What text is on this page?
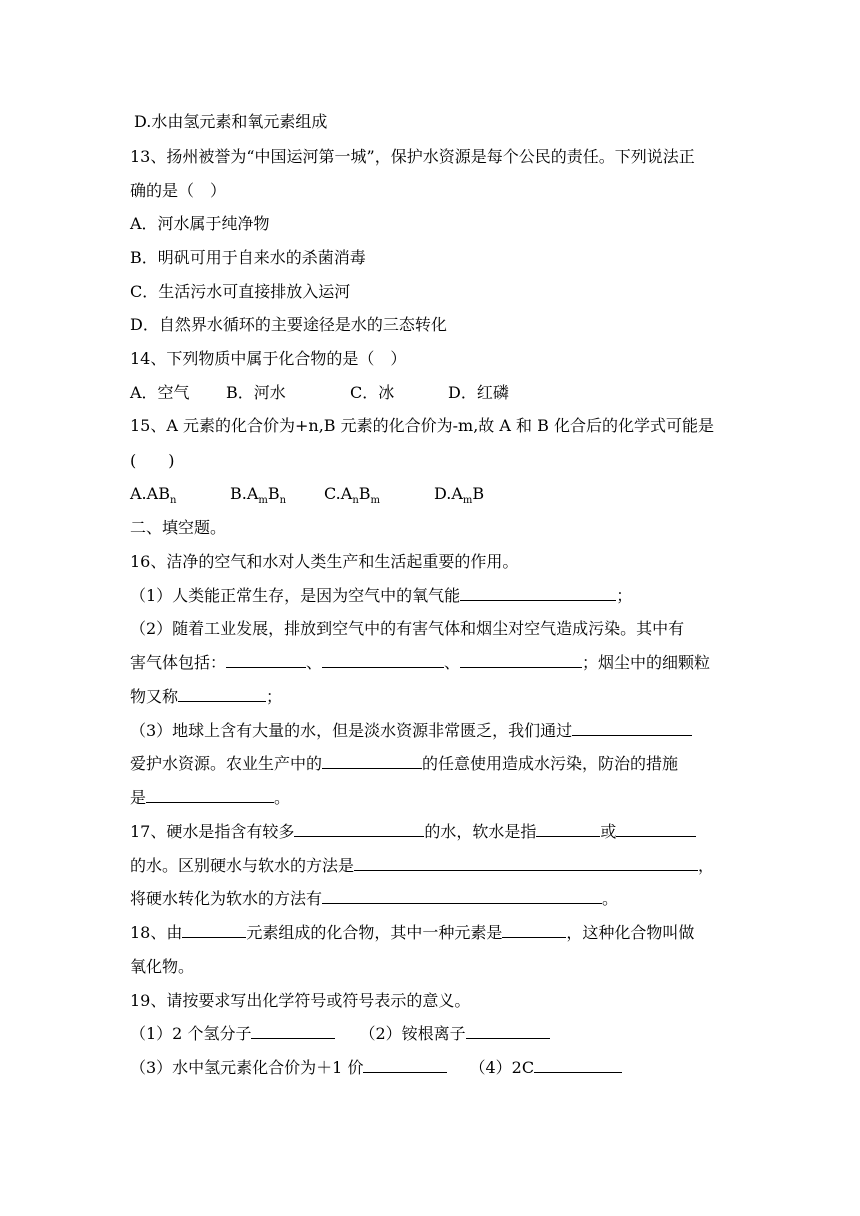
D.水由氢元素和氧元素组成
13、扬州被誉为“中国运河第一城”，保护水资源是每个公民的责任。下列说法正
确的是（　）
A．河水属于纯净物
B．明矾可用于自来水的杀菌消毒
C．生活污水可直接排放入运河
D．自然界水循环的主要途径是水的三态转化
14、下列物质中属于化合物的是（　）
A．空气 B．河水	C．冰	D．红磷
15、A 元素的化合价为+n,B 元素的化合价为-m,故 A 和 B 化合后的化学式可能是
(　　)
$A.AB_n$	$B.A_mB_n$ $C.A_nB_m$	$D.A_mB$
二、填空题。
16、洁净的空气和水对人类生产和生活起重要的作用。
（1）人类能正常生存，是因为空气中的氧气能	；
（2）随着工业发展，排放到空气中的有害气体和烟尘对空气造成污染。其中有
害气体包括：	、	、	；烟尘中的细颗粒
物又称	；
（3）地球上含有大量的水，但是淡水资源非常匮乏，我们通过
爱护水资源。农业生产中的	的任意使用造成水污染，防治的措施
是	。
17、硬水是指含有较多	的水，软水是指	或
的水。区别硬水与软水的方法是	，
将硬水转化为软水的方法有	。
18、由	元素组成的化合物，其中一种元素是	，这种化合物叫做
氧化物。
19、请按要求写出化学符号或符号表示的意义。
（1）2 个氢分子	（2）铵根离子
（3）水中氢元素化合价为＋1 价	（4）2C
